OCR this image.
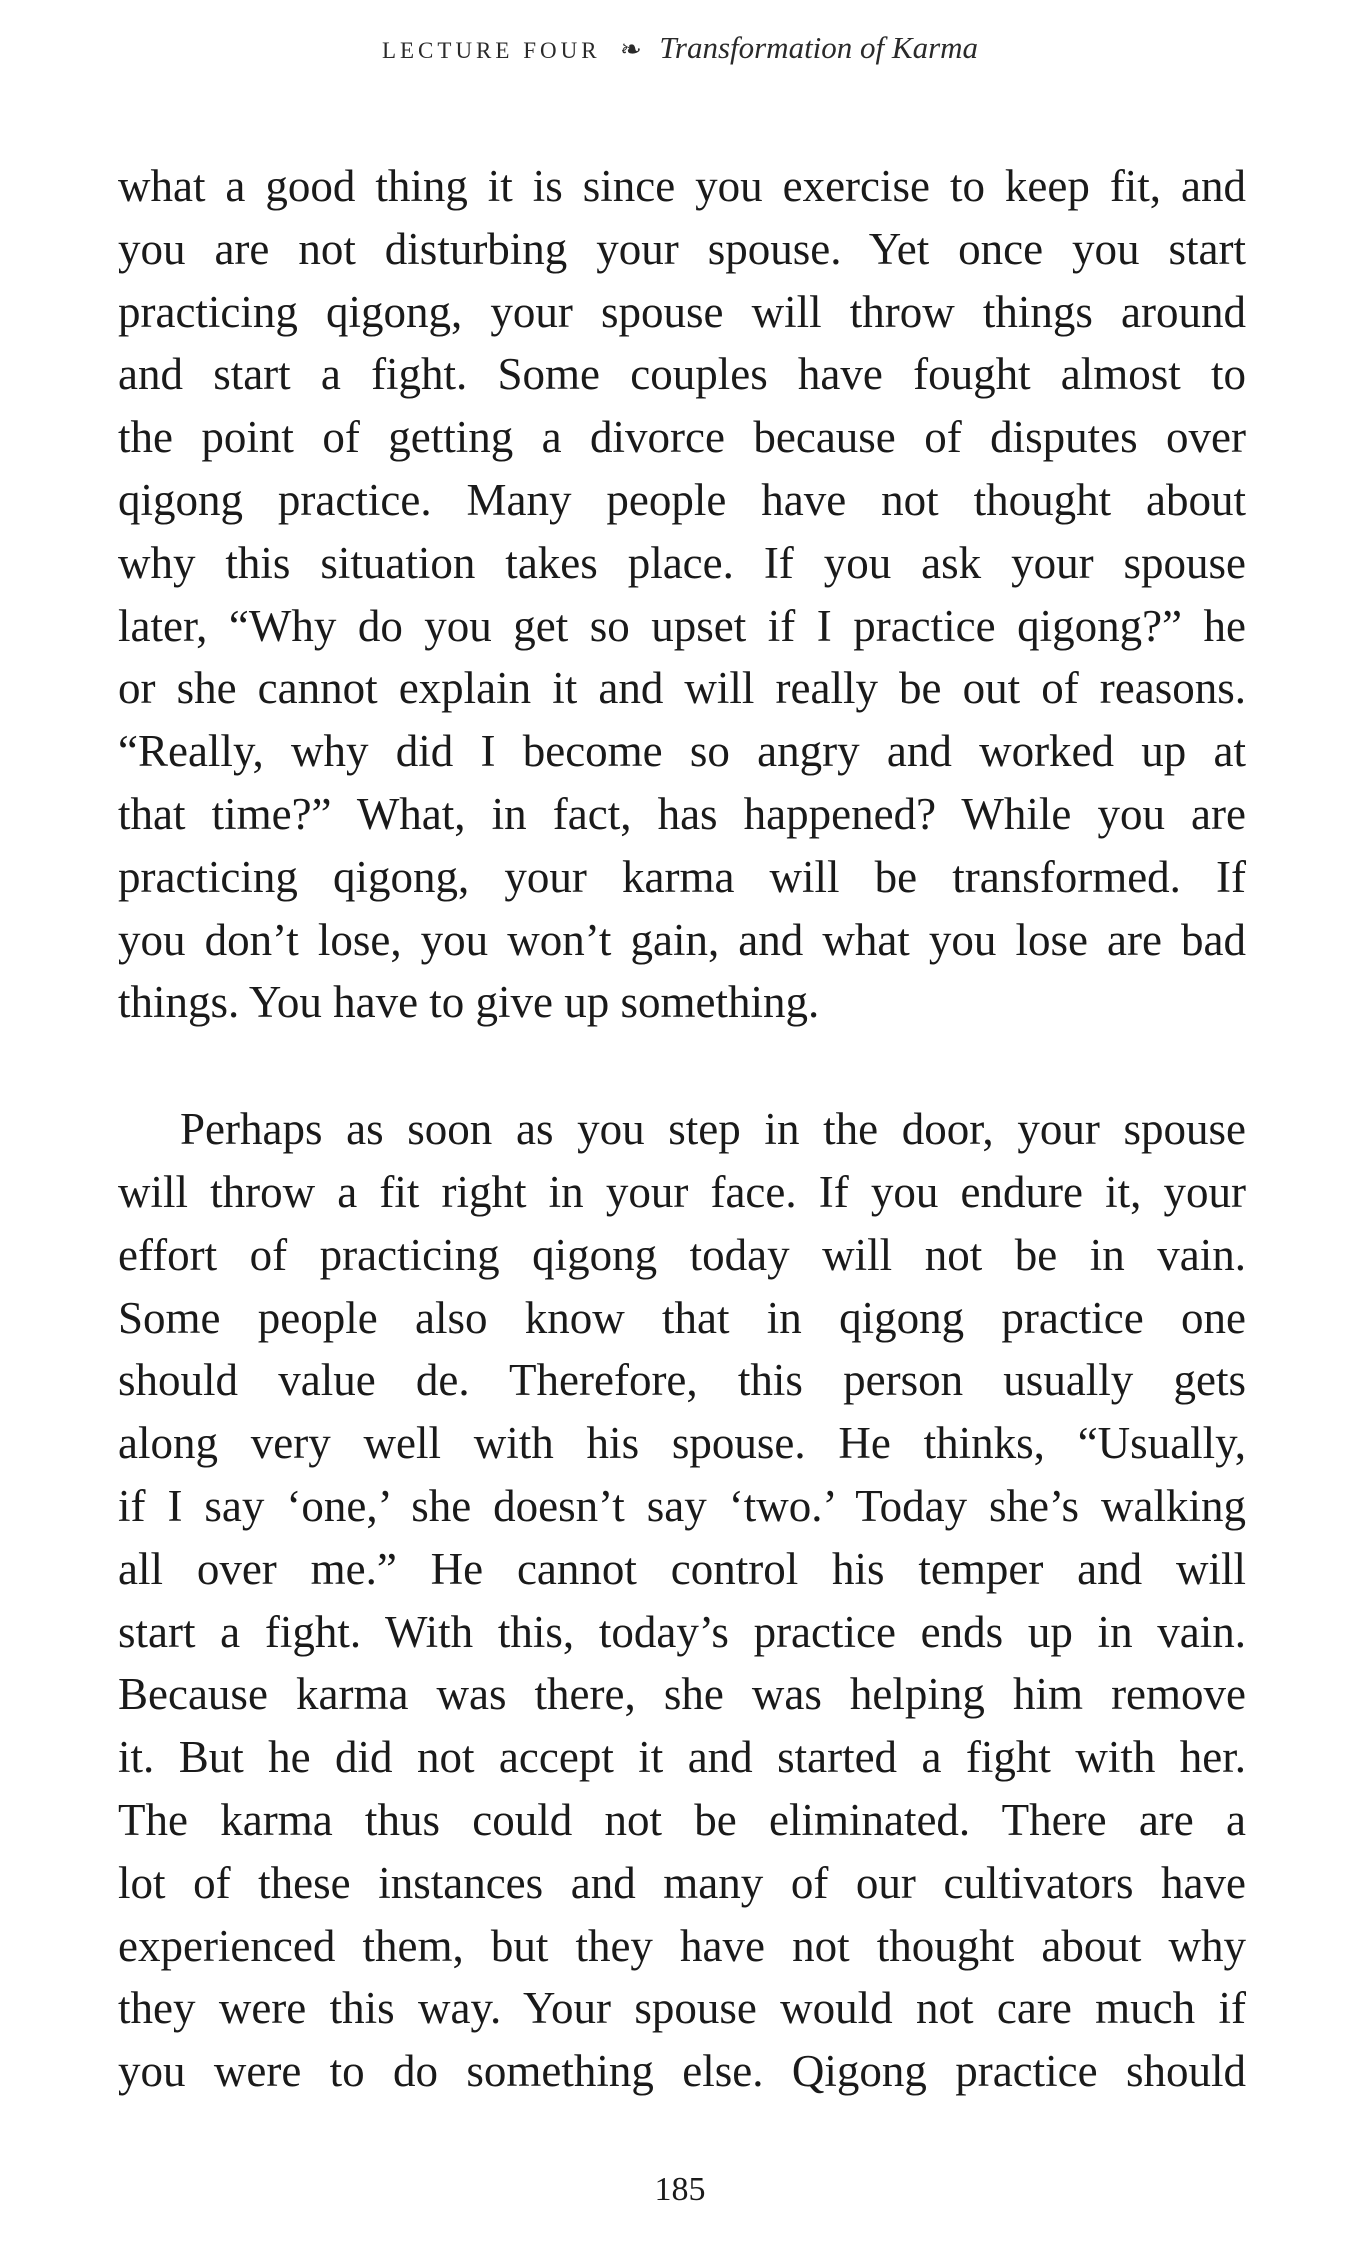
LECTURE FOUR ❧ Transformation of Karma
what a good thing it is since you exercise to keep fit, and
you are not disturbing your spouse. Yet once you start
practicing qigong, your spouse will throw things around
and start a fight. Some couples have fought almost to
the point of getting a divorce because of disputes over
qigong practice. Many people have not thought about
why this situation takes place. If you ask your spouse
later, “Why do you get so upset if I practice qigong?” he
or she cannot explain it and will really be out of reasons.
“Really, why did I become so angry and worked up at
that time?” What, in fact, has happened? While you are
practicing qigong, your karma will be transformed. If
you don’t lose, you won’t gain, and what you lose are bad
things. You have to give up something.
Perhaps as soon as you step in the door, your spouse
will throw a fit right in your face. If you endure it, your
effort of practicing qigong today will not be in vain.
Some people also know that in qigong practice one
should value de. Therefore, this person usually gets
along very well with his spouse. He thinks, “Usually,
if I say ‘one,’ she doesn’t say ‘two.’ Today she’s walking
all over me.” He cannot control his temper and will
start a fight. With this, today’s practice ends up in vain.
Because karma was there, she was helping him remove
it. But he did not accept it and started a fight with her.
The karma thus could not be eliminated. There are a
lot of these instances and many of our cultivators have
experienced them, but they have not thought about why
they were this way. Your spouse would not care much if
you were to do something else. Qigong practice should
185
